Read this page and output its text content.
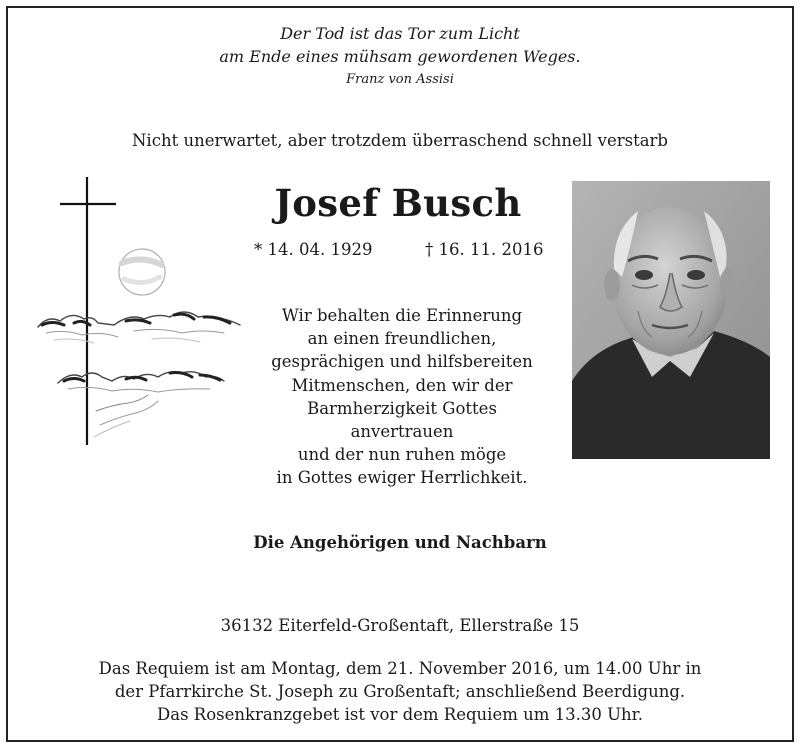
Der Tod ist das Tor zum Licht
am Ende eines mühsam gewordenen Weges.
Franz von Assisi
Nicht unerwartet, aber trotzdem überraschend schnell verstarb
Josef Busch
* 14. 04. 1929	† 16. 11. 2016
Wir behalten die Erinnerung
an einen freundlichen,
gesprächigen und hilfsbereiten
Mitmenschen, den wir der
Barmherzigkeit Gottes
anvertrauen
und der nun ruhen möge
in Gottes ewiger Herrlichkeit.
Die Angehörigen und Nachbarn
36132 Eiterfeld-Großentaft, Ellerstraße 15
Das Requiem ist am Montag, dem 21. November 2016, um 14.00 Uhr in
der Pfarrkirche St. Joseph zu Großentaft; anschließend Beerdigung.
Das Rosenkranzgebet ist vor dem Requiem um 13.30 Uhr.
